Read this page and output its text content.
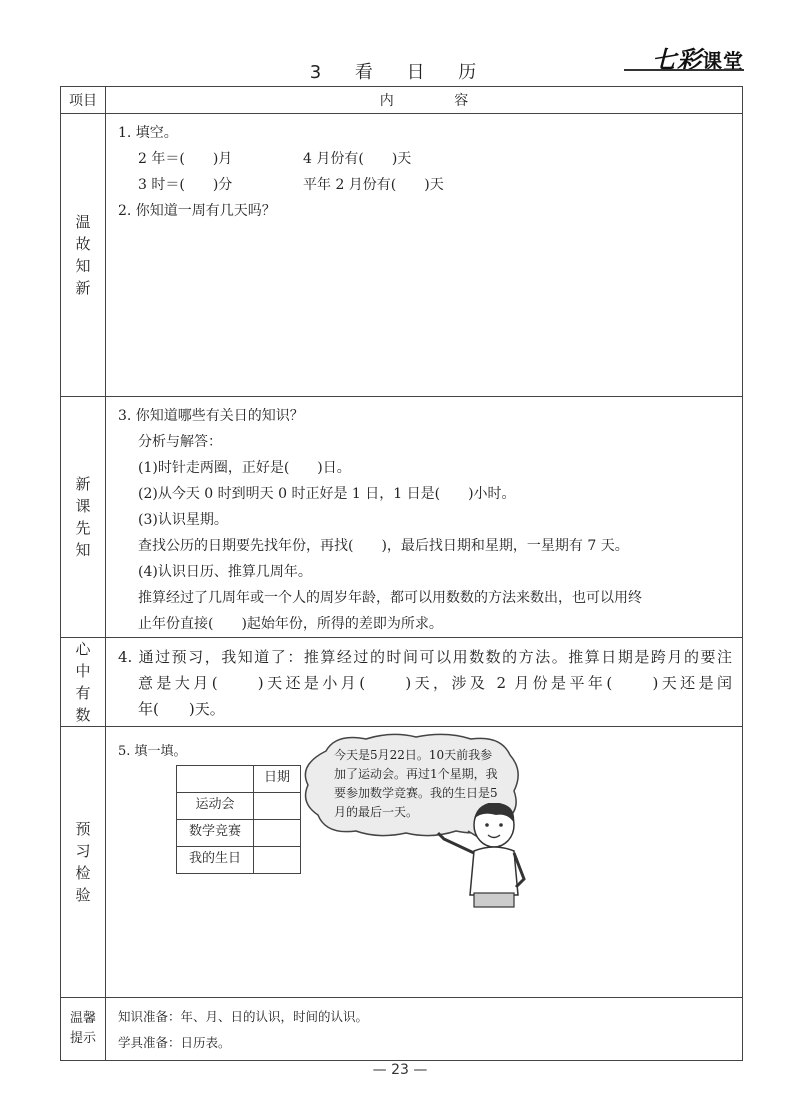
七彩课堂
3 看 日 历
项目	内 容
温故知新	
1. 填空。
2 年＝(　　)月	4 月份有(　　)天
3 时＝(　　)分	平年 2 月份有(　　)天
2. 你知道一周有几天吗？

新课先知	
3. 你知道哪些有关日的知识？
分析与解答：
(1)时针走两圈，正好是(　　)日。
(2)从今天 0 时到明天 0 时正好是 1 日，1 日是(　　)小时。
(3)认识星期。
查找公历的日期要先找年份，再找(　　)，最后找日期和星期，一星期有 7 天。
(4)认识日历、推算几周年。
推算经过了几周年或一个人的周岁年龄，都可以用数数的方法来数出，也可以用终
止年份直接(　　)起始年份，所得的差即为所求。

心中有数	
4. 通过预习，我知道了：推算经过的时间可以用数数的方法。推算日期是跨月的要注
意是大月(　　)天还是小月(　　)天，涉及 2 月份是平年(　　)天还是闰
年(　　)天。

预习检验	
5. 填一填。
	日期
运动会	
数学竞赛	
我的生日	
今天是5月22日。10天前我参加了运动会。再过1个星期，我要参加数学竞赛。我的生日是5月的最后一天。

温馨提示	
知识准备：年、月、日的认识，时间的认识。
学具准备：日历表。
— 23 —
